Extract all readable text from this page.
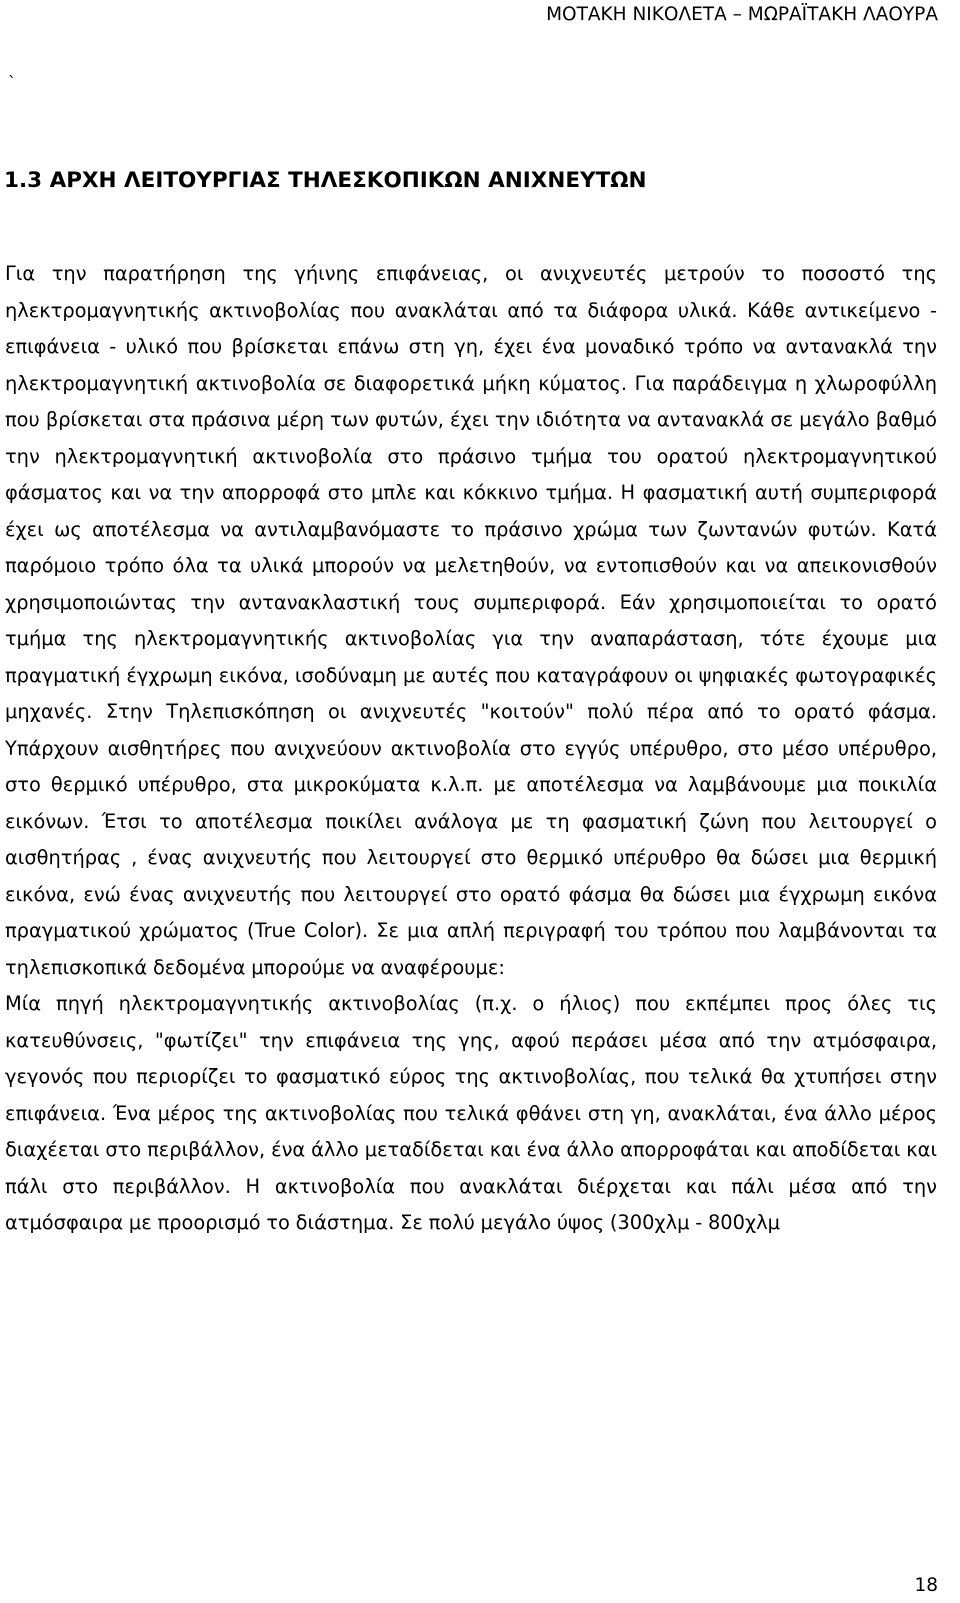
ΜΟΤΑΚΗ ΝΙΚΟΛΕΤΑ – ΜΩΡΑΪΤΑΚΗ ΛΑΟΥΡΑ
`
1.3 ΑΡΧΗ ΛΕΙΤΟΥΡΓΙΑΣ ΤΗΛΕΣΚΟΠΙΚΩΝ ΑΝΙΧΝΕΥΤΩΝ

Για την παρατήρηση της γήινης επιφάνειας, οι ανιχνευτές μετρούν το ποσοστό της ηλεκτρομαγνητικής ακτινοβολίας που ανακλάται από τα διάφορα υλικά. Κάθε αντικείμενο - επιφάνεια - υλικό που βρίσκεται επάνω στη γη, έχει ένα μοναδικό τρόπο να αντανακλά την ηλεκτρομαγνητική ακτινοβολία σε διαφορετικά μήκη κύματος. Για παράδειγμα η χλωροφύλλη που βρίσκεται στα πράσινα μέρη των φυτών, έχει την ιδιότητα να αντανακλά σε μεγάλο βαθμό την ηλεκτρομαγνητική ακτινοβολία στο πράσινο τμήμα του ορατού ηλεκτρομαγνητικού φάσματος και να την απορροφά στο μπλε και κόκκινο τμήμα. Η φασματική αυτή συμπεριφορά έχει ως αποτέλεσμα να αντιλαμβανόμαστε το πράσινο χρώμα των ζωντανών φυτών. Κατά παρόμοιο τρόπο όλα τα υλικά μπορούν να μελετηθούν, να εντοπισθούν και να απεικονισθούν χρησιμοποιώντας την αντανακλαστική τους συμπεριφορά. Εάν χρησιμοποιείται το ορατό τμήμα της ηλεκτρομαγνητικής ακτινοβολίας για την αναπαράσταση, τότε έχουμε μια πραγματική έγχρωμη εικόνα, ισοδύναμη με αυτές που καταγράφουν οι ψηφιακές φωτογραφικές μηχανές. Στην Τηλεπισκόπηση οι ανιχνευτές "κοιτούν" πολύ πέρα από το ορατό φάσμα. Υπάρχουν αισθητήρες που ανιχνεύουν ακτινοβολία στο εγγύς υπέρυθρο, στο μέσο υπέρυθρο, στο θερμικό υπέρυθρο, στα μικροκύματα κ.λ.π. με αποτέλεσμα να λαμβάνουμε μια ποικιλία εικόνων. Έτσι το αποτέλεσμα ποικίλει ανάλογα με τη φασματική ζώνη που λειτουργεί ο αισθητήρας , ένας ανιχνευτής που λειτουργεί στο θερμικό υπέρυθρο θα δώσει μια θερμική εικόνα, ενώ ένας ανιχνευτής που λειτουργεί στο ορατό φάσμα θα δώσει μια έγχρωμη εικόνα πραγματικού χρώματος (True Color). Σε μια απλή περιγραφή του τρόπου που λαμβάνονται τα τηλεπισκοπικά δεδομένα μπορούμε να αναφέρουμε:

Μία πηγή ηλεκτρομαγνητικής ακτινοβολίας (π.χ. ο ήλιος) που εκπέμπει προς όλες τις κατευθύνσεις, "φωτίζει" την επιφάνεια της γης, αφού περάσει μέσα από την ατμόσφαιρα, γεγονός που περιορίζει το φασματικό εύρος της ακτινοβολίας, που τελικά θα χτυπήσει στην επιφάνεια. Ένα μέρος της ακτινοβολίας που τελικά φθάνει στη γη, ανακλάται, ένα άλλο μέρος διαχέεται στο περιβάλλον, ένα άλλο μεταδίδεται και ένα άλλο απορροφάται και αποδίδεται και πάλι στο περιβάλλον. Η ακτινοβολία που ανακλάται διέρχεται και πάλι μέσα από την ατμόσφαιρα με προορισμό το διάστημα. Σε πολύ μεγάλο ύψος (300χλμ - 800χλμ

18
